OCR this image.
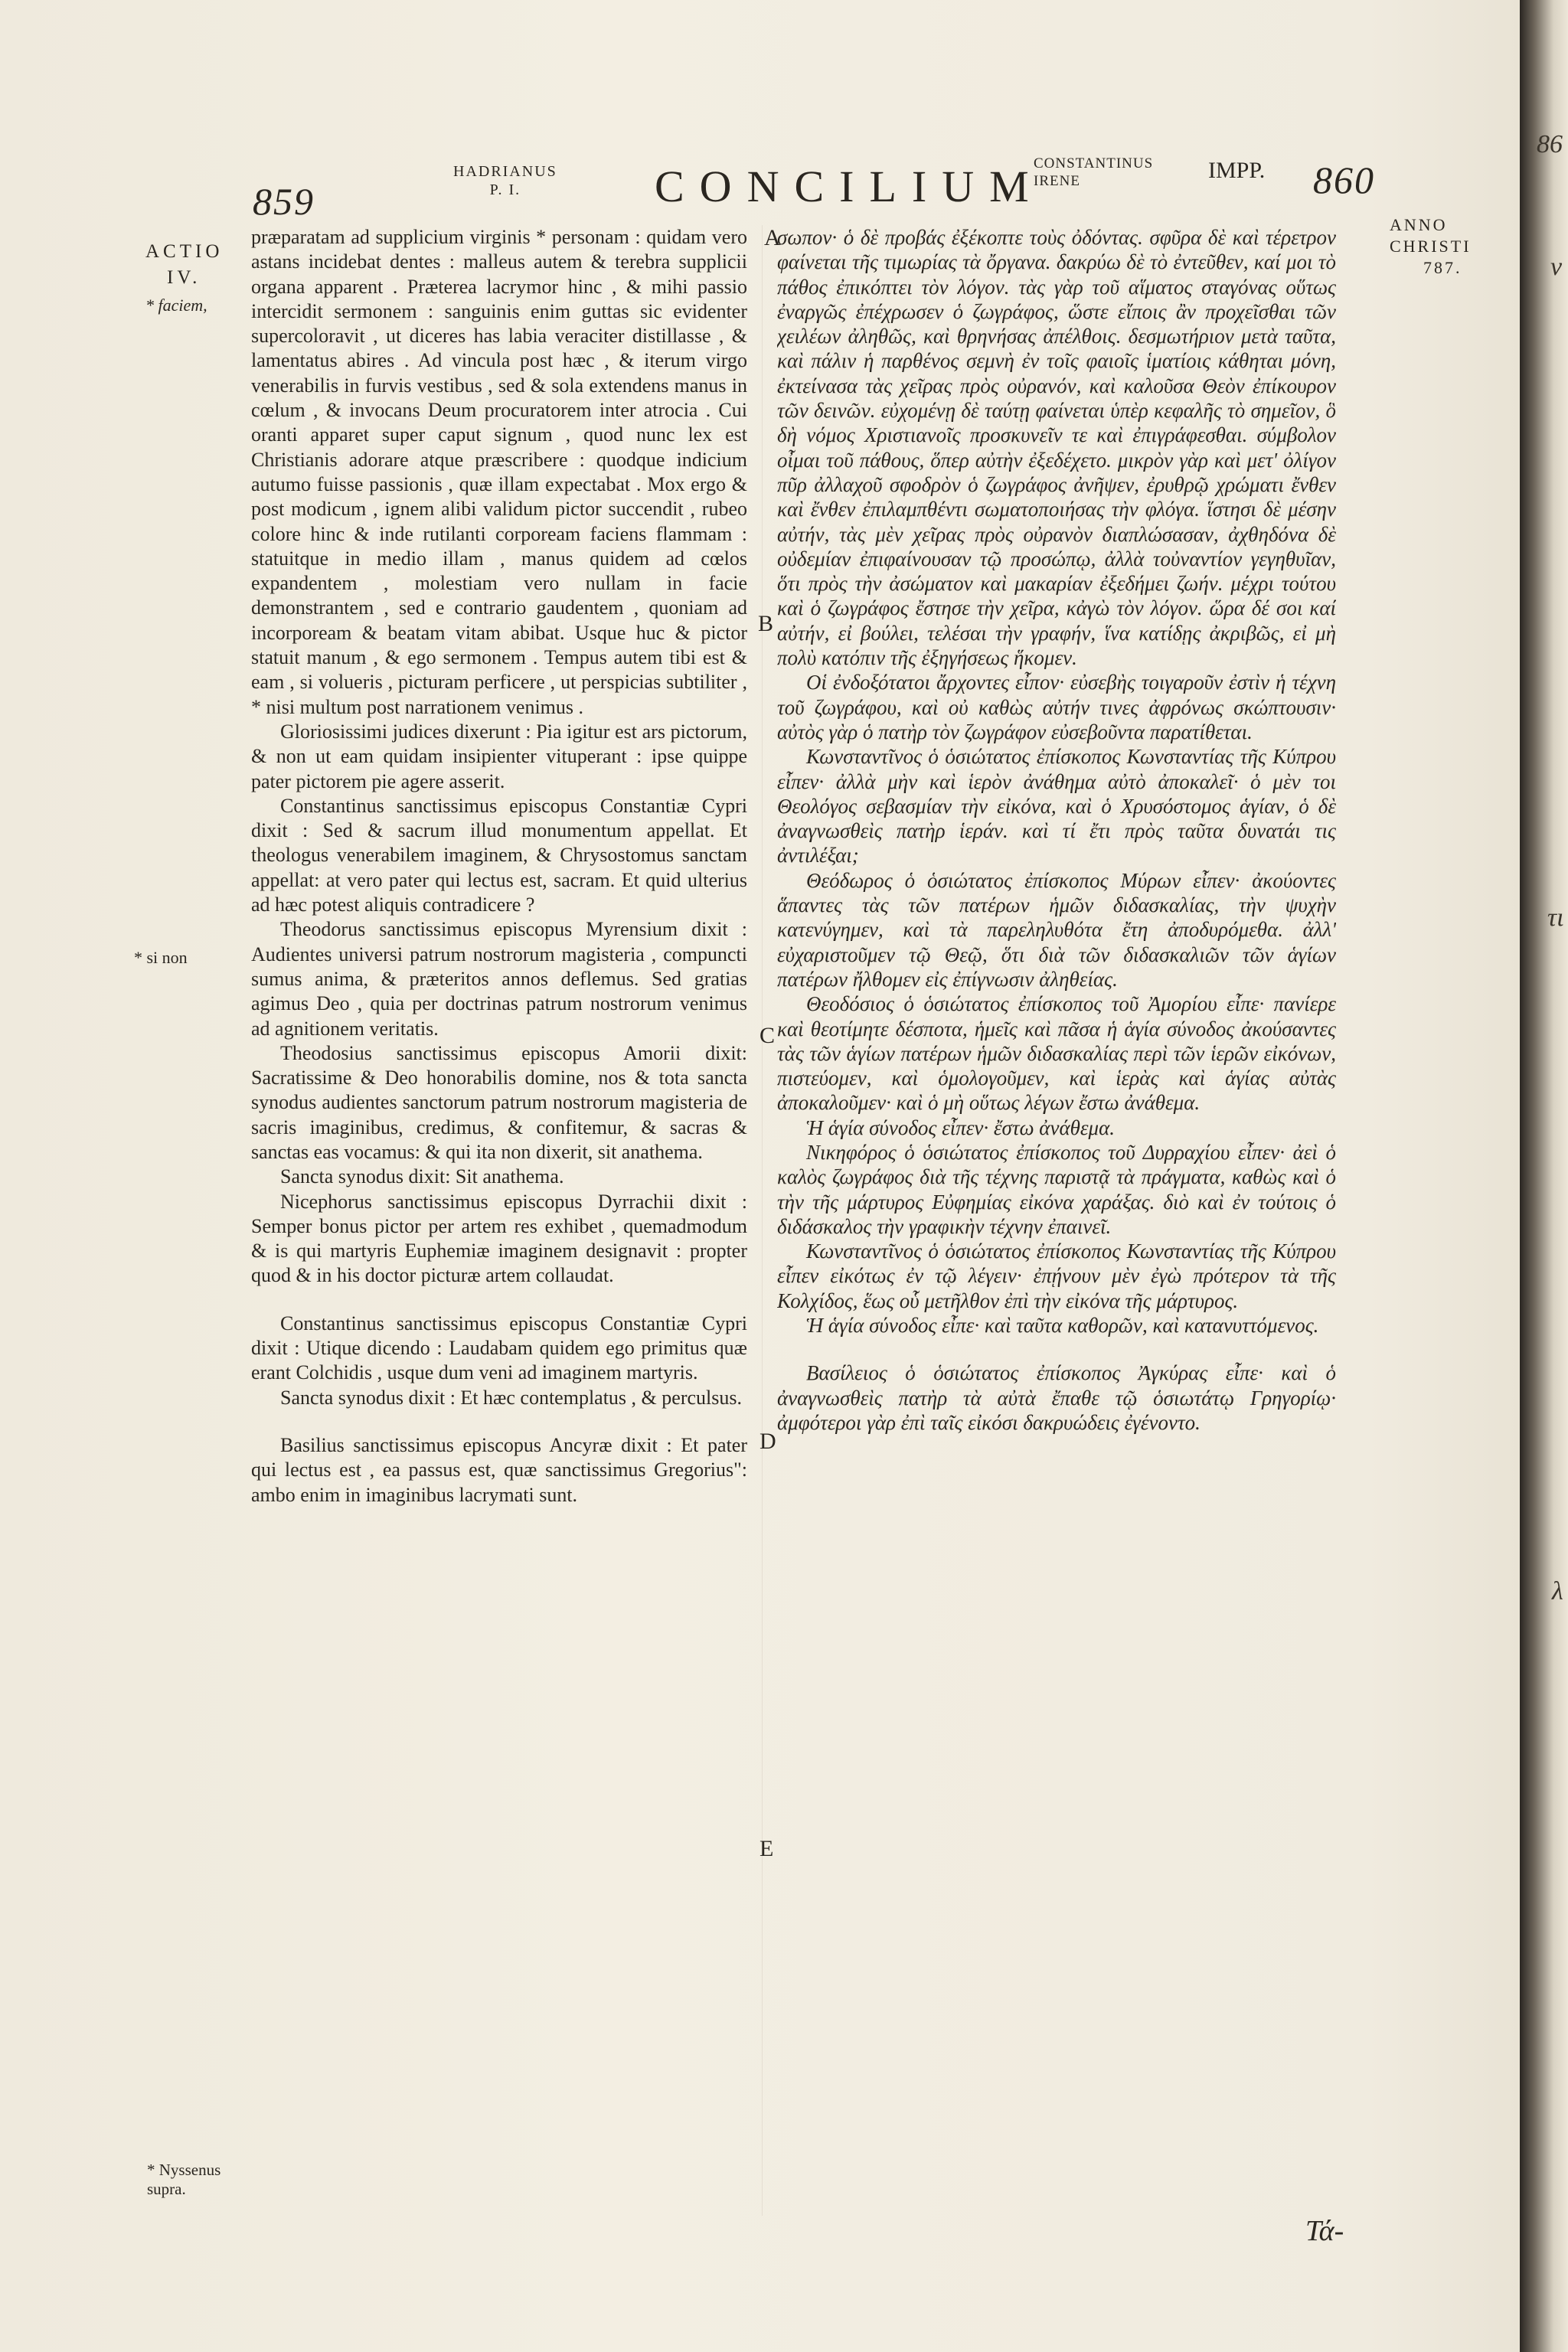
859
HADRIANUS
P. I.	CONCILIUM
CONSTANTINUS
IRENE	IMPP. 860
ACTIO
IV.
* faciem,
* si non
* Nyssenus
supra.
ANNO
CHRISTI
787.

præparatam ad supplicium virginis * personam : quidam vero astans incidebat dentes : malleus autem & terebra supplicii organa apparent . Præterea lacrymor hinc , & mihi passio intercidit sermonem : sanguinis enim guttas sic evidenter supercoloravit , ut diceres has labia veraciter distillasse , & lamentatus abires . Ad vincula post hæc , & iterum virgo venerabilis in furvis vestibus , sed & sola extendens manus in cœlum , & invocans Deum procuratorem inter atrocia . Cui oranti apparet super caput signum , quod nunc lex est Christianis adorare atque præscribere : quodque indicium autumo fuisse passionis , quæ illam expectabat . Mox ergo & post modicum , ignem alibi validum pictor succendit , rubeo colore hinc & inde rutilanti corpoream faciens flammam : statuitque in medio illam , manus quidem ad cœlos expandentem , molestiam vero nullam in facie demonstrantem , sed e contrario gaudentem , quoniam ad incorpoream & beatam vitam abibat. Usque huc & pictor statuit manum , & ego sermonem . Tempus autem tibi est & eam , si volueris , picturam perficere , ut perspicias subtiliter , * nisi multum post narrationem venimus .

Gloriosissimi judices dixerunt : Pia igitur est ars pictorum, & non ut eam quidam insipienter vituperant : ipse quippe pater pictorem pie agere asserit.

Constantinus sanctissimus episcopus Constantiæ Cypri dixit : Sed & sacrum illud monumentum appellat. Et theologus venerabilem imaginem, & Chrysostomus sanctam appellat: at vero pater qui lectus est, sacram. Et quid ulterius ad hæc potest aliquis contradicere ?

Theodorus sanctissimus episcopus Myrensium dixit : Audientes universi patrum nostrorum magisteria , compuncti sumus anima, & præteritos annos deflemus. Sed gratias agimus Deo , quia per doctrinas patrum nostrorum venimus ad agnitionem veritatis.

Theodosius sanctissimus episcopus Amorii dixit: Sacratissime & Deo honorabilis domine, nos & tota sancta synodus audientes sanctorum patrum nostrorum magisteria de sacris imaginibus, credimus, & confitemur, & sacras & sanctas eas vocamus: & qui ita non dixerit, sit anathema.

Sancta synodus dixit: Sit anathema.

Nicephorus sanctissimus episcopus Dyrrachii dixit : Semper bonus pictor per artem res exhibet , quemadmodum & is qui martyris Euphemiæ imaginem designavit : propter quod & in his doctor picturæ artem collaudat.

Constantinus sanctissimus episcopus Constantiæ Cypri dixit : Utique dicendo : Laudabam quidem ego primitus quæ erant Colchidis , usque dum veni ad imaginem martyris.

Sancta synodus dixit : Et hæc contemplatus , & perculsus.

Basilius sanctissimus episcopus Ancyræ dixit : Et pater qui lectus est , ea passus est, quæ sanctissimus Gregorius": ambo enim in imaginibus lacrymati sunt.

A
B
C
D
E

σωπον· ὁ δὲ προβάς ἐξέκοπτε τοὺς ὀδόντας. σφῦρα δὲ καὶ τέρετρον φαίνεται τῆς τιμωρίας τὰ ὄργανα. δακρύω δὲ τὸ ἐντεῦθεν, καί μοι τὸ πάθος ἐπικόπτει τὸν λόγον. τὰς γὰρ τοῦ αἵματος σταγόνας οὕτως ἐναργῶς ἐπέχρωσεν ὁ ζωγράφος, ὥστε εἴποις ἂν προχεῖσθαι τῶν χειλέων ἀληθῶς, καὶ θρηνήσας ἀπέλθοις. δεσμωτήριον μετὰ ταῦτα, καὶ πάλιν ἡ παρθένος σεμνὴ ἐν τοῖς φαιοῖς ἱματίοις κάθηται μόνη, ἐκτείνασα τὰς χεῖρας πρὸς οὐρανόν, καὶ καλοῦσα Θεὸν ἐπίκουρον τῶν δεινῶν. εὐχομένῃ δὲ ταύτῃ φαίνεται ὑπὲρ κεφαλῆς τὸ σημεῖον, ὃ δὴ νόμος Χριστιανοῖς προσκυνεῖν τε καὶ ἐπιγράφεσθαι. σύμβολον οἶμαι τοῦ πάθους, ὅπερ αὐτὴν ἐξεδέχετο. μικρὸν γὰρ καὶ μετ' ὀλίγον πῦρ ἀλλαχοῦ σφοδρὸν ὁ ζωγράφος ἀνῆψεν, ἐρυθρῷ χρώματι ἔνθεν καὶ ἔνθεν ἐπιλαμπθέντι σωματοποιήσας τὴν φλόγα. ἵστησι δὲ μέσην αὐτήν, τὰς μὲν χεῖρας πρὸς οὐρανὸν διαπλώσασαν, ἀχθηδόνα δὲ οὐδεμίαν ἐπιφαίνουσαν τῷ προσώπῳ, ἀλλὰ τοὐναντίον γεγηθυῖαν, ὅτι πρὸς τὴν ἀσώματον καὶ μακαρίαν ἐξεδήμει ζωήν. μέχρι τούτου καὶ ὁ ζωγράφος ἔστησε τὴν χεῖρα, κἀγὼ τὸν λόγον. ὥρα δέ σοι καί αὐτήν, εἰ βούλει, τελέσαι τὴν γραφήν, ἵνα κατίδῃς ἀκριβῶς, εἰ μὴ πολὺ κατόπιν τῆς ἐξηγήσεως ἥκομεν.

Οἱ ἐνδοξότατοι ἄρχοντες εἶπον· εὐσεβὴς τοιγαροῦν ἐστὶν ἡ τέχνη τοῦ ζωγράφου, καὶ οὐ καθὼς αὐτήν τινες ἀφρόνως σκώπτουσιν· αὐτὸς γὰρ ὁ πατὴρ τὸν ζωγράφον εὐσεβοῦντα παρατίθεται.

Κωνσταντῖνος ὁ ὁσιώτατος ἐπίσκοπος Κωνσταντίας τῆς Κύπρου εἶπεν· ἀλλὰ μὴν καὶ ἱερὸν ἀνάθημα αὐτὸ ἀποκαλεῖ· ὁ μὲν τοι Θεολόγος σεβασμίαν τὴν εἰκόνα, καὶ ὁ Χρυσόστομος ἁγίαν, ὁ δὲ ἀναγνωσθεὶς πατὴρ ἱεράν. καὶ τί ἔτι πρὸς ταῦτα δυνατάι τις ἀντιλέξαι;

Θεόδωρος ὁ ὁσιώτατος ἐπίσκοπος Μύρων εἶπεν· ἀκούοντες ἅπαντες τὰς τῶν πατέρων ἡμῶν διδασκαλίας, τὴν ψυχὴν κατενύγημεν, καὶ τὰ παρεληλυθότα ἔτη ἀποδυρόμεθα. ἀλλ' εὐχαριστοῦμεν τῷ Θεῷ, ὅτι διὰ τῶν διδασκαλιῶν τῶν ἁγίων πατέρων ἤλθομεν εἰς ἐπίγνωσιν ἀληθείας.

Θεοδόσιος ὁ ὁσιώτατος ἐπίσκοπος τοῦ Ἀμορίου εἶπε· πανίερε καὶ θεοτίμητε δέσποτα, ἡμεῖς καὶ πᾶσα ἡ ἁγία σύνοδος ἀκούσαντες τὰς τῶν ἁγίων πατέρων ἡμῶν διδασκαλίας περὶ τῶν ἱερῶν εἰκόνων, πιστεύομεν, καὶ ὁμολογοῦμεν, καὶ ἱερὰς καὶ ἁγίας αὐτὰς ἀποκαλοῦμεν· καὶ ὁ μὴ οὕτως λέγων ἔστω ἀνάθεμα.

Ἡ ἁγία σύνοδος εἶπεν· ἔστω ἀνάθεμα.

Νικηφόρος ὁ ὁσιώτατος ἐπίσκοπος τοῦ Δυρραχίου εἶπεν· ἀεὶ ὁ καλὸς ζωγράφος διὰ τῆς τέχνης παριστᾷ τὰ πράγματα, καθὼς καὶ ὁ τὴν τῆς μάρτυρος Εὐφημίας εἰκόνα χαράξας. διὸ καὶ ἐν τούτοις ὁ διδάσκαλος τὴν γραφικὴν τέχνην ἐπαινεῖ.

Κωνσταντῖνος ὁ ὁσιώτατος ἐπίσκοπος Κωνσταντίας τῆς Κύπρου εἶπεν εἰκότως ἐν τῷ λέγειν· ἐπῄνουν μὲν ἐγὼ πρότερον τὰ τῆς Κολχίδος, ἕως οὗ μετῆλθον ἐπὶ τὴν εἰκόνα τῆς μάρτυρος.

Ἡ ἁγία σύνοδος εἶπε· καὶ ταῦτα καθορῶν, καὶ κατανυττόμενος.

Βασίλειος ὁ ὁσιώτατος ἐπίσκοπος Ἀγκύρας εἶπε· καὶ ὁ ἀναγνωσθεὶς πατὴρ τὰ αὐτὰ ἔπαθε τῷ ὁσιωτάτῳ Γρηγορίῳ· ἀμφότεροι γὰρ ἐπὶ ταῖς εἰκόσι δακρυώδεις ἐγένοντο.

Τά-
86
ν
τι
λ
